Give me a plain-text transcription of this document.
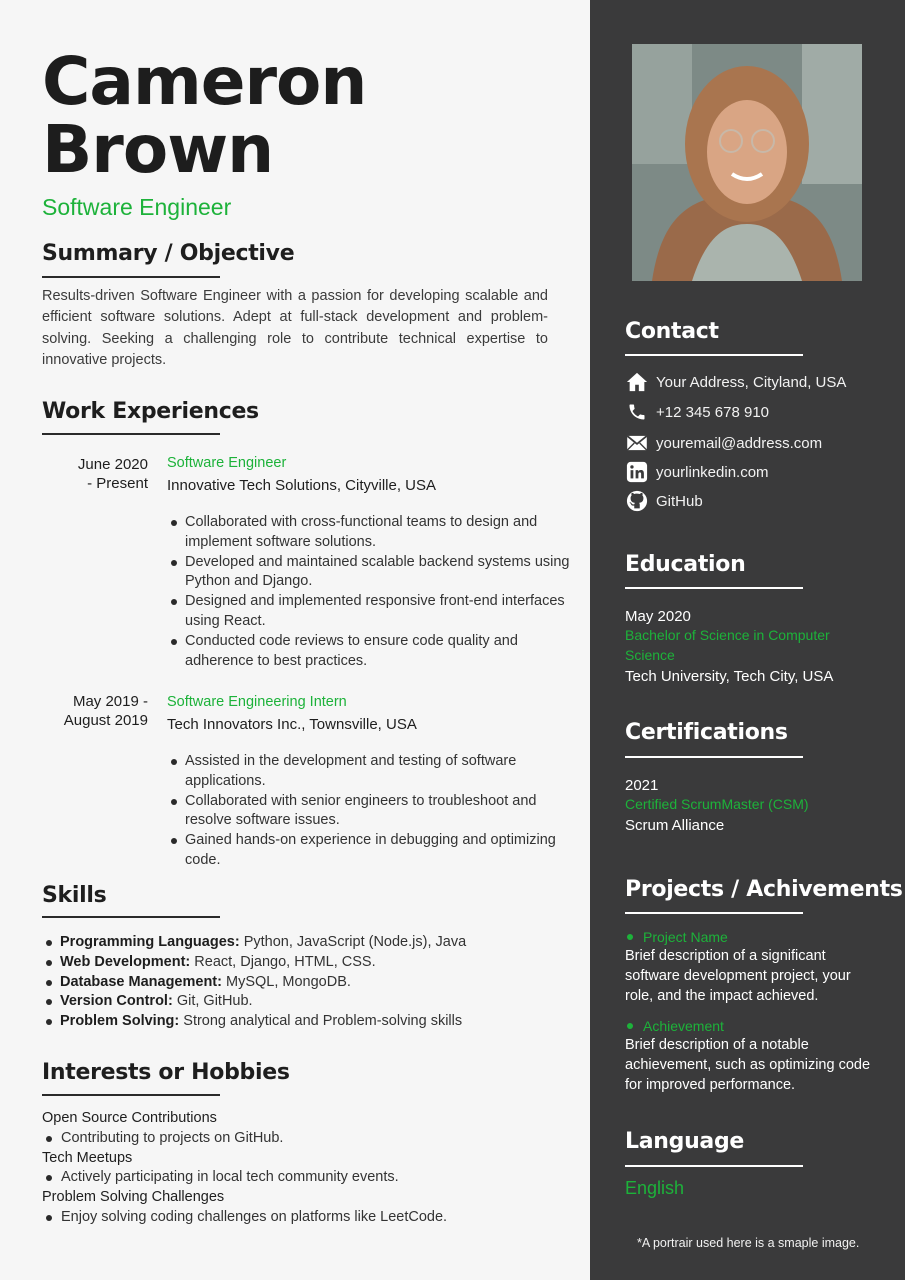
Cameron
Brown
Software Engineer
Summary / Objective
Results-driven Software Engineer with a passion for developing scalable and efficient software solutions. Adept at full-stack development and problem-solving. Seeking a challenging role to contribute technical expertise to innovative projects.
Work Experiences
June 2020
- Present
Software Engineer
Innovative Tech Solutions, Cityville, USA
Collaborated with cross-functional teams to design and implement software solutions.
Developed and maintained scalable backend systems using Python and Django.
Designed and implemented responsive front-end interfaces using React.
Conducted code reviews to ensure code quality and adherence to best practices.
May 2019 -
August 2019
Software Engineering Intern
Tech Innovators Inc., Townsville, USA
Assisted in the development and testing of software applications.
Collaborated with senior engineers to troubleshoot and resolve software issues.
Gained hands-on experience in debugging and optimizing code.
Skills
Programming Languages: Python, JavaScript (Node.js), Java
Web Development: React, Django, HTML, CSS.
Database Management: MySQL, MongoDB.
Version Control: Git, GitHub.
Problem Solving: Strong analytical and Problem-solving skills
Interests or Hobbies
Open Source Contributions
Contributing to projects on GitHub.
Tech Meetups
Actively participating in local tech community events.
Problem Solving Challenges
Enjoy solving coding challenges on platforms like LeetCode.
Contact
Your Address, Cityland, USA
+12 345 678 910
youremail@address.com
yourlinkedin.com
GitHub
Education
May 2020
Bachelor of Science in Computer Science
Tech University, Tech City, USA
Certifications
2021
Certified ScrumMaster (CSM)
Scrum Alliance
Projects / Achivements
Project Name
Brief description of a significant software development project, your role, and the impact achieved.
Achievement
Brief description of a notable achievement, such as optimizing code for improved performance.
Language
English
*A portrair used here is a smaple image.
